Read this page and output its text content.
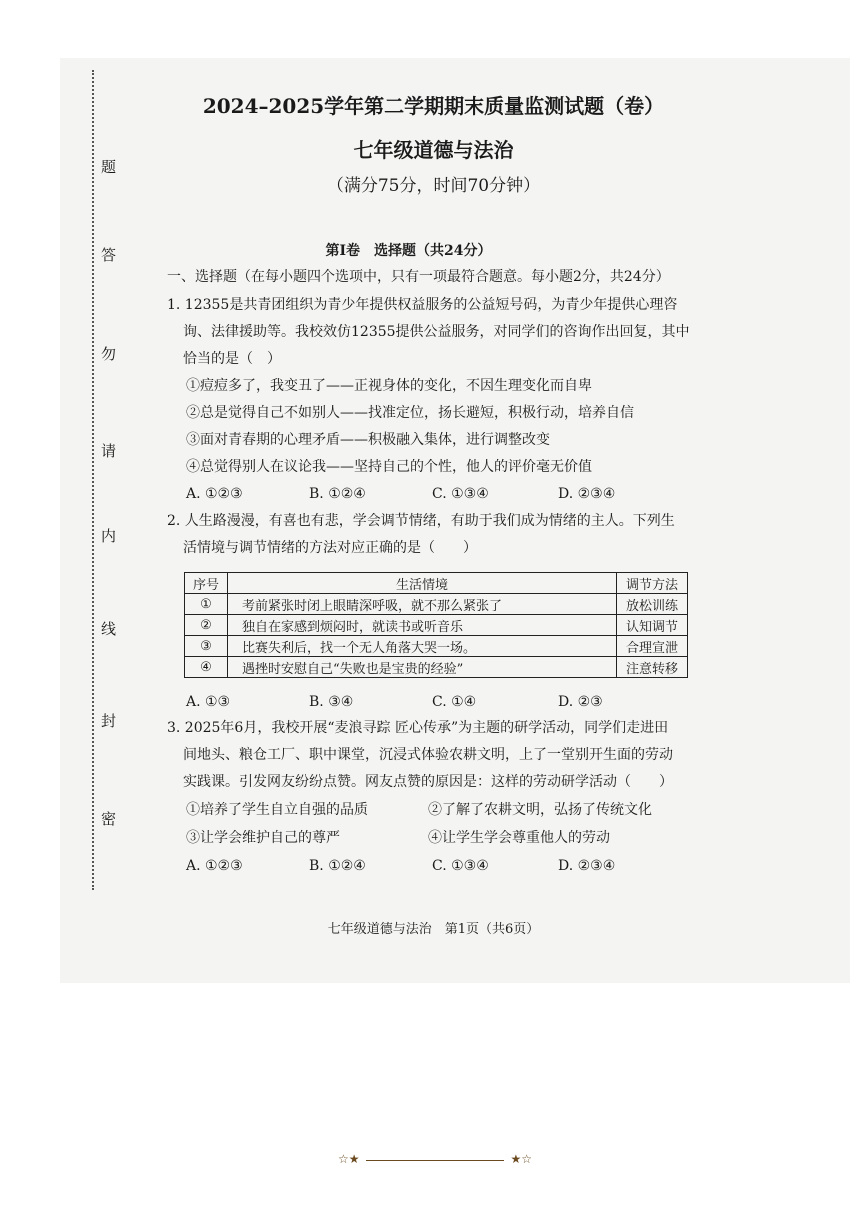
题
答
勿
请
内
线
封
密
2024–2025学年第二学期期末质量监测试题（卷）
七年级道德与法治
（满分75分，时间70分钟）
第Ⅰ卷　选择题（共24分）
一、选择题（在每小题四个选项中，只有一项最符合题意。每小题2分，共24分）
1. 12355是共青团组织为青少年提供权益服务的公益短号码，为青少年提供心理咨
询、法律援助等。我校效仿12355提供公益服务，对同学们的咨询作出回复，其中
恰当的是（　）
①痘痘多了，我变丑了——正视身体的变化，不因生理变化而自卑
②总是觉得自己不如别人——找准定位，扬长避短，积极行动，培养自信
③面对青春期的心理矛盾——积极融入集体，进行调整改变
④总觉得别人在议论我——坚持自己的个性，他人的评价毫无价值
A. ①②③	B. ①②④	C. ①③④	D. ②③④
2. 人生路漫漫，有喜也有悲，学会调节情绪，有助于我们成为情绪的主人。下列生
活情境与调节情绪的方法对应正确的是（　　）
序号	生活情境	调节方法
①	考前紧张时闭上眼睛深呼吸，就不那么紧张了	放松训练
②	独自在家感到烦闷时，就读书或听音乐	认知调节
③	比赛失利后，找一个无人角落大哭一场。	合理宣泄
④	遇挫时安慰自己“失败也是宝贵的经验”	注意转移
A. ①③	B. ③④	C. ①④	D. ②③
3. 2025年6月，我校开展“麦浪寻踪 匠心传承”为主题的研学活动，同学们走进田
间地头、粮仓工厂、职中课堂，沉浸式体验农耕文明，上了一堂别开生面的劳动
实践课。引发网友纷纷点赞。网友点赞的原因是：这样的劳动研学活动（　　）
①培养了学生自立自强的品质	②了解了农耕文明，弘扬了传统文化
③让学会维护自己的尊严	④让学生学会尊重他人的劳动
A. ①②③	B. ①②④	C. ①③④	D. ②③④
七年级道德与法治　第1页（共6页）
☆★	★☆
